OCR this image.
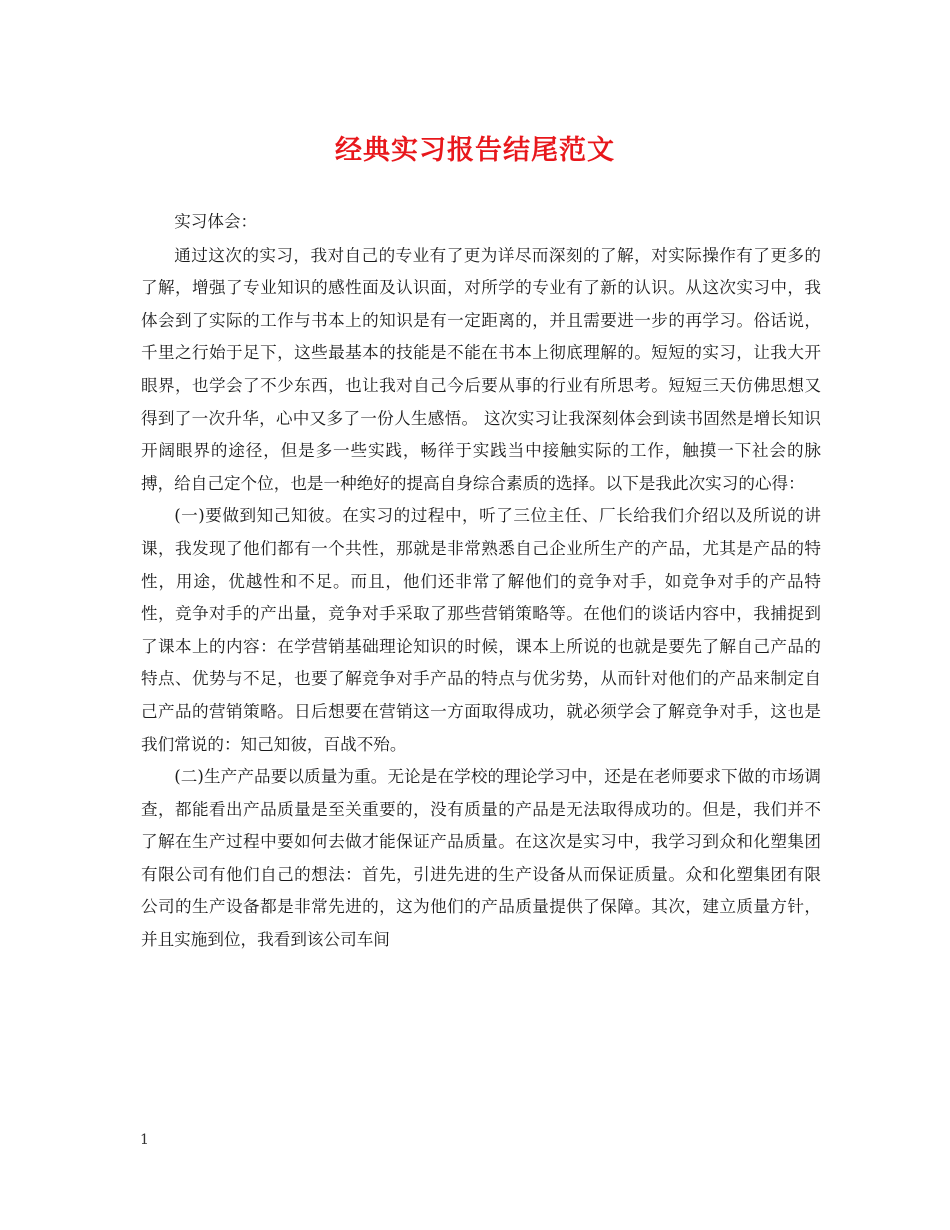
经典实习报告结尾范文

实习体会：

通过这次的实习，我对自己的专业有了更为详尽而深刻的了解，对实际操作有了更多的了解，增强了专业知识的感性面及认识面，对所学的专业有了新的认识。从这次实习中，我体会到了实际的工作与书本上的知识是有一定距离的，并且需要进一步的再学习。俗话说，千里之行始于足下，这些最基本的技能是不能在书本上彻底理解的。短短的实习，让我大开眼界，也学会了不少东西，也让我对自己今后要从事的行业有所思考。短短三天仿佛思想又得到了一次升华，心中又多了一份人生感悟。 这次实习让我深刻体会到读书固然是增长知识开阔眼界的途径，但是多一些实践，畅徉于实践当中接触实际的工作，触摸一下社会的脉搏，给自己定个位，也是一种绝好的提高自身综合素质的选择。以下是我此次实习的心得：

(一)要做到知己知彼。在实习的过程中，听了三位主任、厂长给我们介绍以及所说的讲课，我发现了他们都有一个共性，那就是非常熟悉自己企业所生产的产品，尤其是产品的特性，用途，优越性和不足。而且，他们还非常了解他们的竞争对手，如竞争对手的产品特性，竞争对手的产出量，竞争对手采取了那些营销策略等。在他们的谈话内容中，我捕捉到了课本上的内容：在学营销基础理论知识的时候，课本上所说的也就是要先了解自己产品的特点、优势与不足，也要了解竞争对手产品的特点与优劣势，从而针对他们的产品来制定自己产品的营销策略。日后想要在营销这一方面取得成功，就必须学会了解竞争对手，这也是我们常说的：知己知彼，百战不殆。

(二)生产产品要以质量为重。无论是在学校的理论学习中，还是在老师要求下做的市场调查，都能看出产品质量是至关重要的，没有质量的产品是无法取得成功的。但是，我们并不了解在生产过程中要如何去做才能保证产品质量。在这次是实习中，我学习到众和化塑集团有限公司有他们自己的想法：首先，引进先进的生产设备从而保证质量。众和化塑集团有限公司的生产设备都是非常先进的，这为他们的产品质量提供了保障。其次，建立质量方针，并且实施到位，我看到该公司车间

1
